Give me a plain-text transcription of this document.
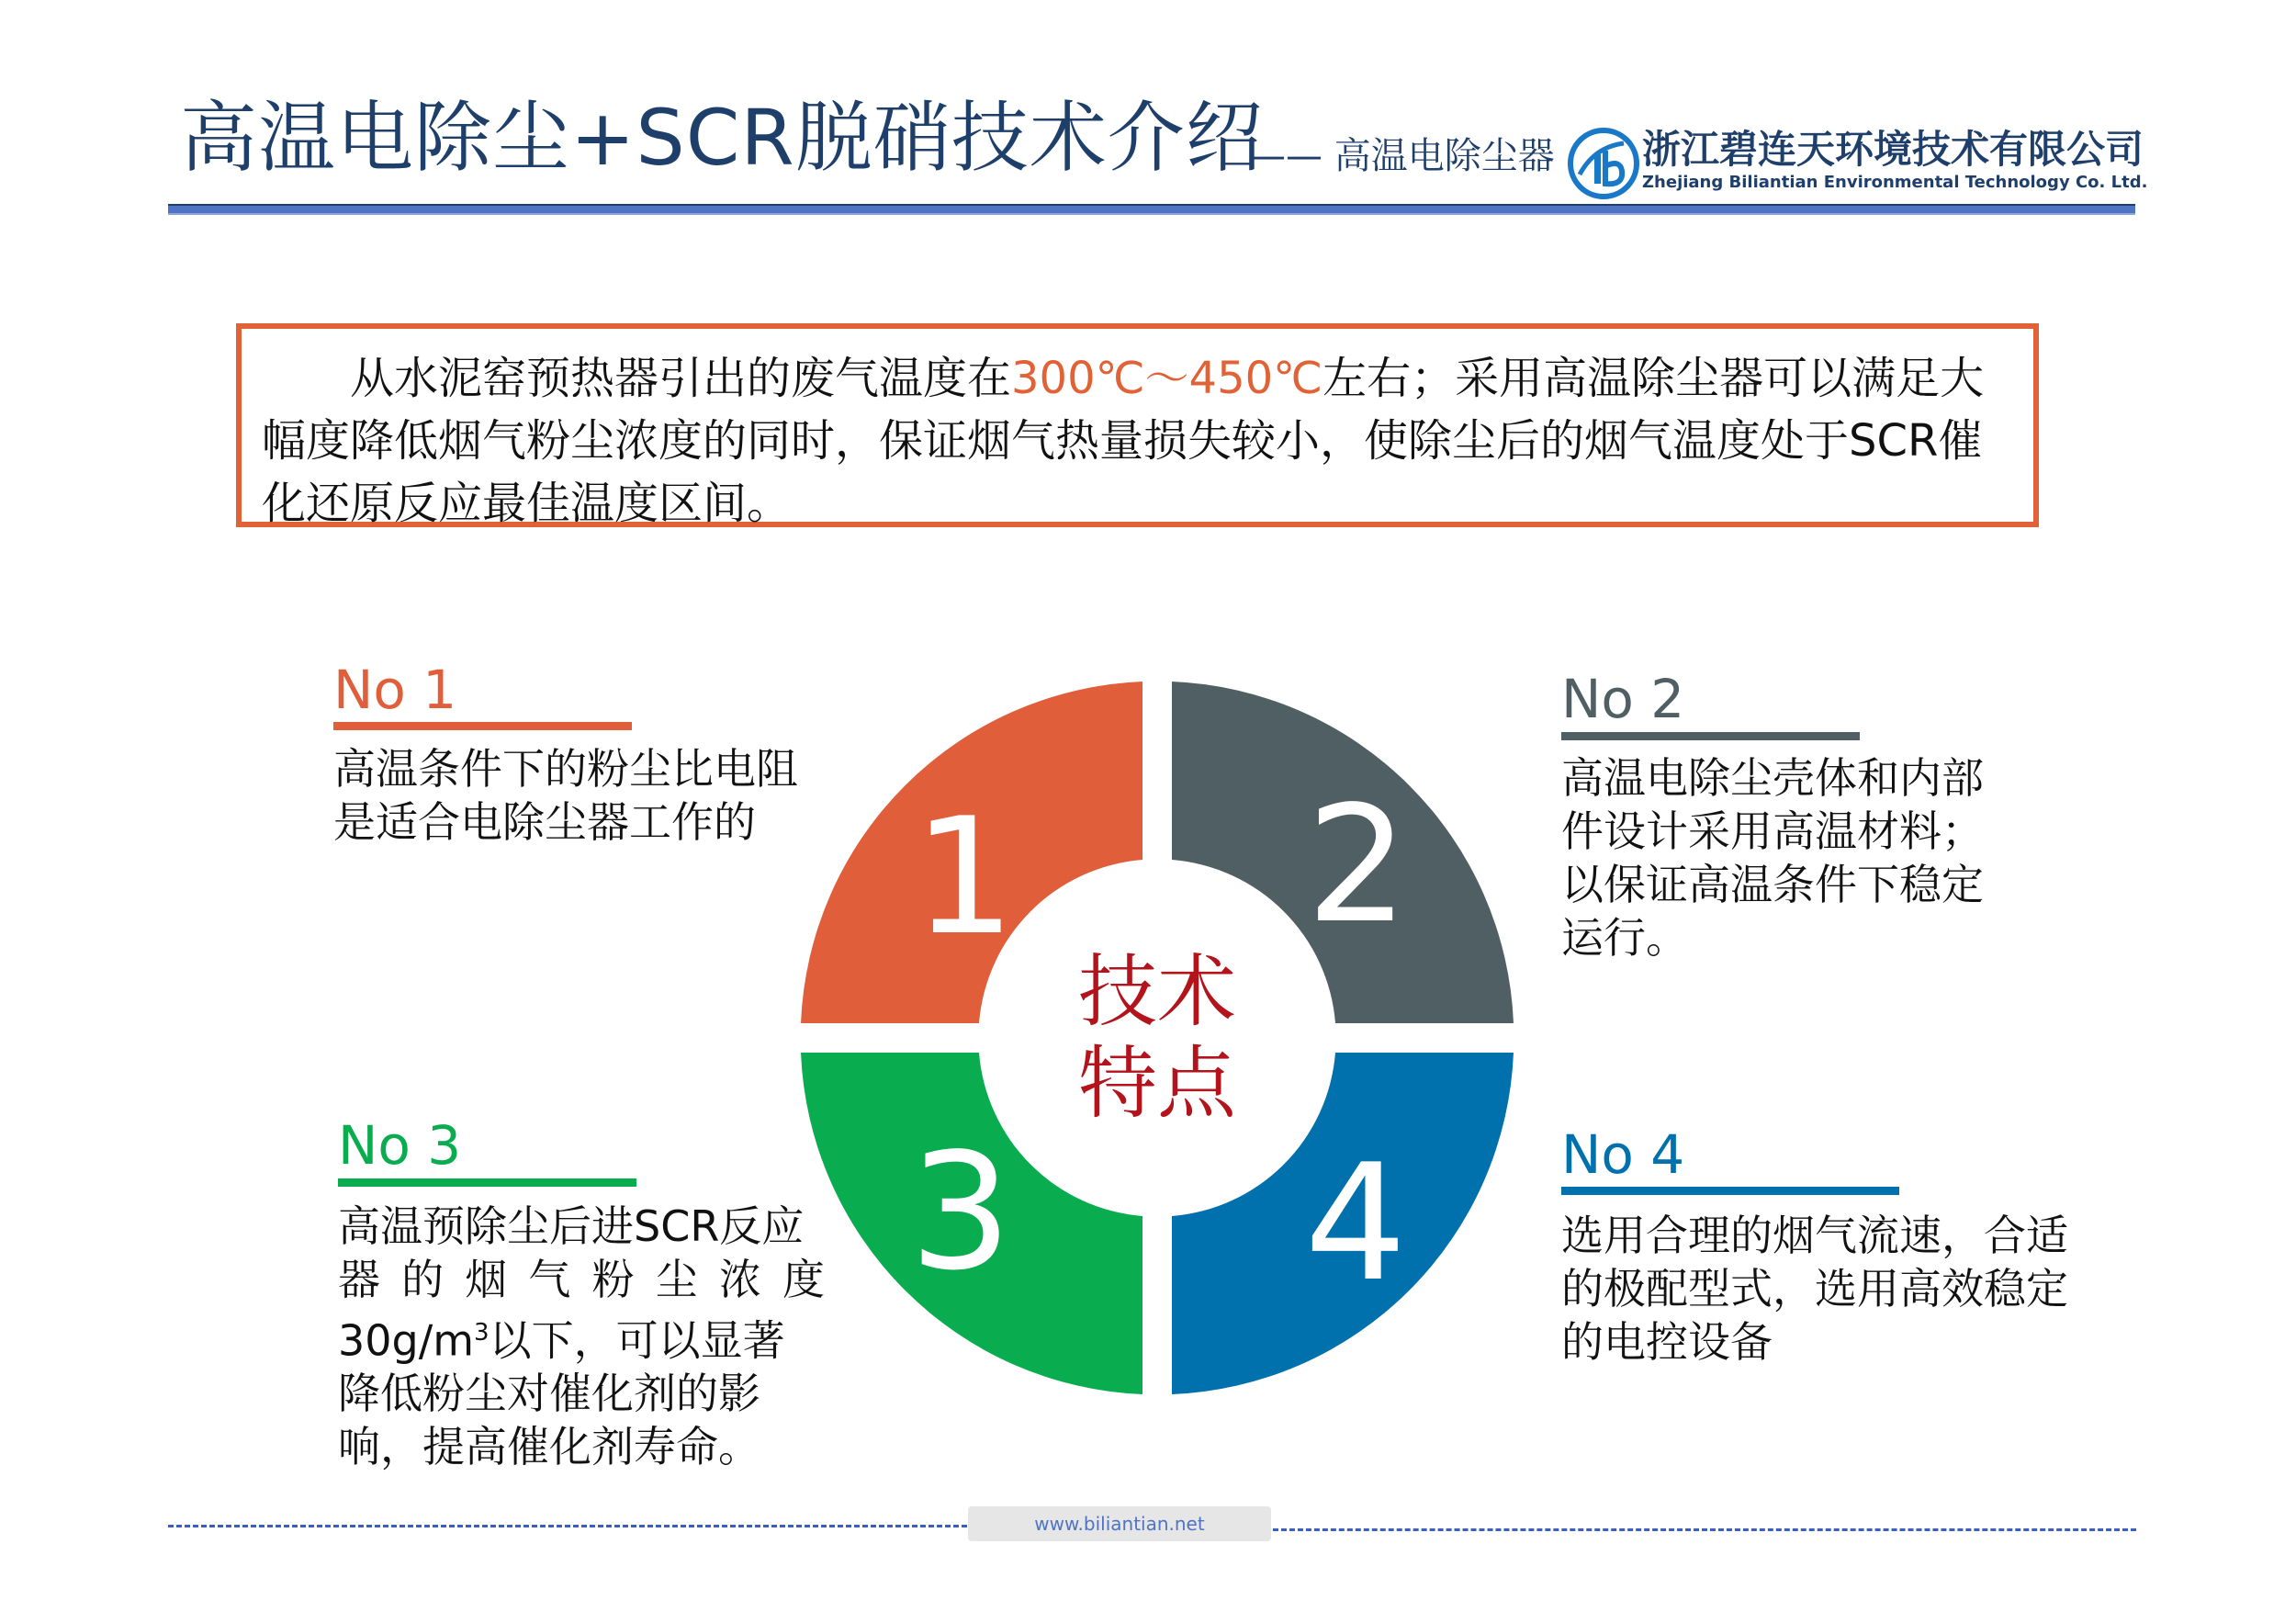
高温电除尘+SCR脱硝技术介绍
—— 高温电除尘器 浙江碧连天环境技术有限公司
Zhejiang Biliantian Environmental Technology Co. Ltd.
从水泥窑预热器引出的废气温度在300℃～450℃左右；采用高温除尘器可以满足大幅度降低烟气粉尘浓度的同时，保证烟气热量损失较小，使除尘后的烟气温度处于SCR催化还原反应最佳温度区间。
No 1
高温条件下的粉尘比电阻是适合电除尘器工作的
No 2
高温电除尘壳体和内部件设计采用高温材料；以保证高温条件下稳定运行。
No 3
高温预除尘后进SCR反应
器的烟气粉尘浓度
$30g/m^3$以下，可以显著降低粉尘对催化剂的影响，提高催化剂寿命。
No 4
选用合理的烟气流速，合适的极配型式，选用高效稳定的电控设备
1 2
3 4
技术
特点
www.biliantian.net
